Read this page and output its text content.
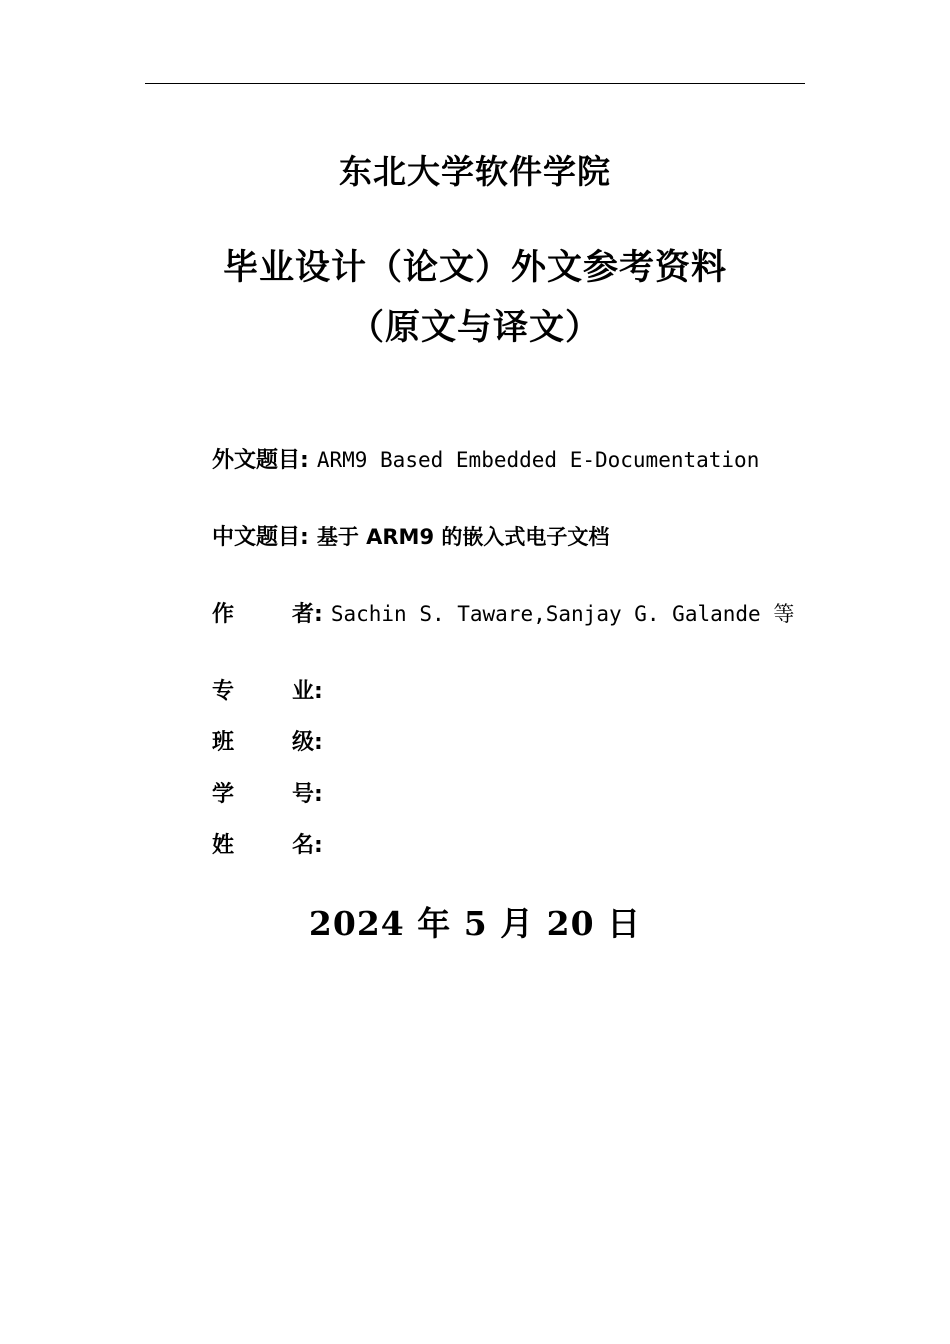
东北大学软件学院
毕业设计（论文）外文参考资料
（原文与译文）
外文题目 : ARM9 Based Embedded E-Documentation
中文题目 : 基于 ARM9 的嵌入式电子文档
作	者 : Sachin S. Taware,Sanjay G. Galande 等
专	业 :
班	级 :
学	号 :
姓	名 :
2024 年 5 月 20 日
